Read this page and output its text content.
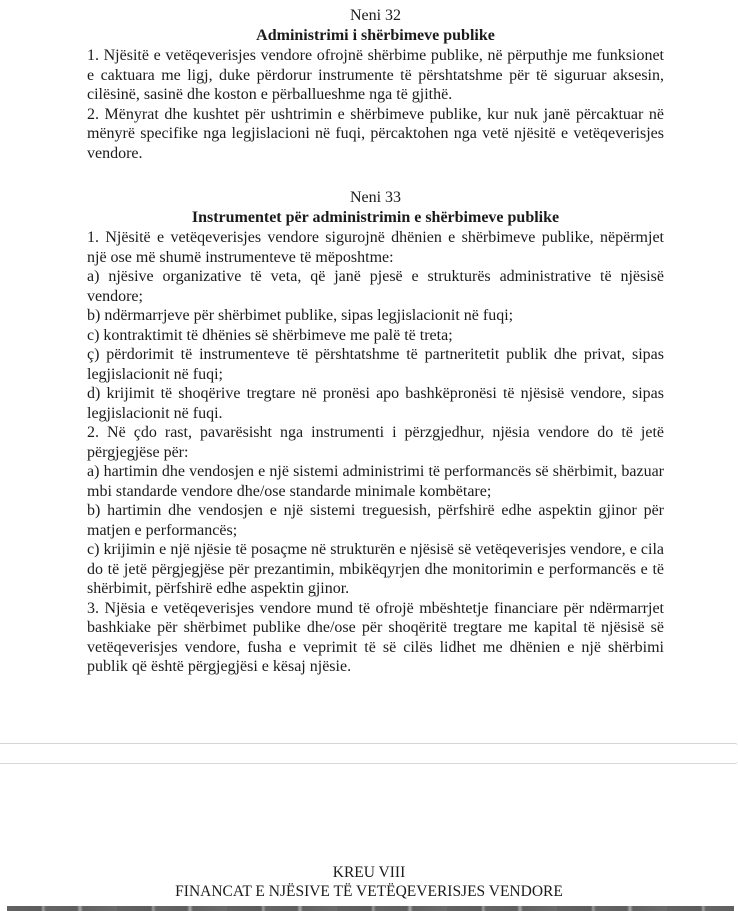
Neni 32
Administrimi i shërbimeve publike

1. Njësitë e vetëqeverisjes vendore ofrojnë shërbime publike, në përputhje me funksionet e caktuara me ligj, duke përdorur instrumente të përshtatshme për të siguruar aksesin, cilësinë, sasinë dhe koston e përballueshme nga të gjithë.

2. Mënyrat dhe kushtet për ushtrimin e shërbimeve publike, kur nuk janë përcaktuar në mënyrë specifike nga legjislacioni në fuqi, përcaktohen nga vetë njësitë e vetëqeverisjes vendore.

Neni 33
Instrumentet për administrimin e shërbimeve publike

1. Njësitë e vetëqeverisjes vendore sigurojnë dhënien e shërbimeve publike, nëpërmjet një ose më shumë instrumenteve të mëposhtme:

a) njësive organizative të veta, që janë pjesë e strukturës administrative të njësisë vendore;

b) ndërmarrjeve për shërbimet publike, sipas legjislacionit në fuqi;

c) kontraktimit të dhënies së shërbimeve me palë të treta;

ç) përdorimit të instrumenteve të përshtatshme të partneritetit publik dhe privat, sipas legjislacionit në fuqi;

d) krijimit të shoqërive tregtare në pronësi apo bashkëpronësi të njësisë vendore, sipas legjislacionit në fuqi.

2. Në çdo rast, pavarësisht nga instrumenti i përzgjedhur, njësia vendore do të jetë përgjegjëse për:

a) hartimin dhe vendosjen e një sistemi administrimi të performancës së shërbimit, bazuar mbi standarde vendore dhe/ose standarde minimale kombëtare;

b) hartimin dhe vendosjen e një sistemi treguesish, përfshirë edhe aspektin gjinor për matjen e performancës;

c) krijimin e një njësie të posaçme në strukturën e njësisë së vetëqeverisjes vendore, e cila do të jetë përgjegjëse për prezantimin, mbikëqyrjen dhe monitorimin e performancës e të shërbimit, përfshirë edhe aspektin gjinor.

3. Njësia e vetëqeverisjes vendore mund të ofrojë mbështetje financiare për ndërmarrjet bashkiake për shërbimet publike dhe/ose për shoqëritë tregtare me kapital të njësisë së vetëqeverisjes vendore, fusha e veprimit të së cilës lidhet me dhënien e një shërbimi publik që është përgjegjësi e kësaj njësie.

KREU VIII
FINANCAT E NJËSIVE TË VETËQEVERISJES VENDORE
